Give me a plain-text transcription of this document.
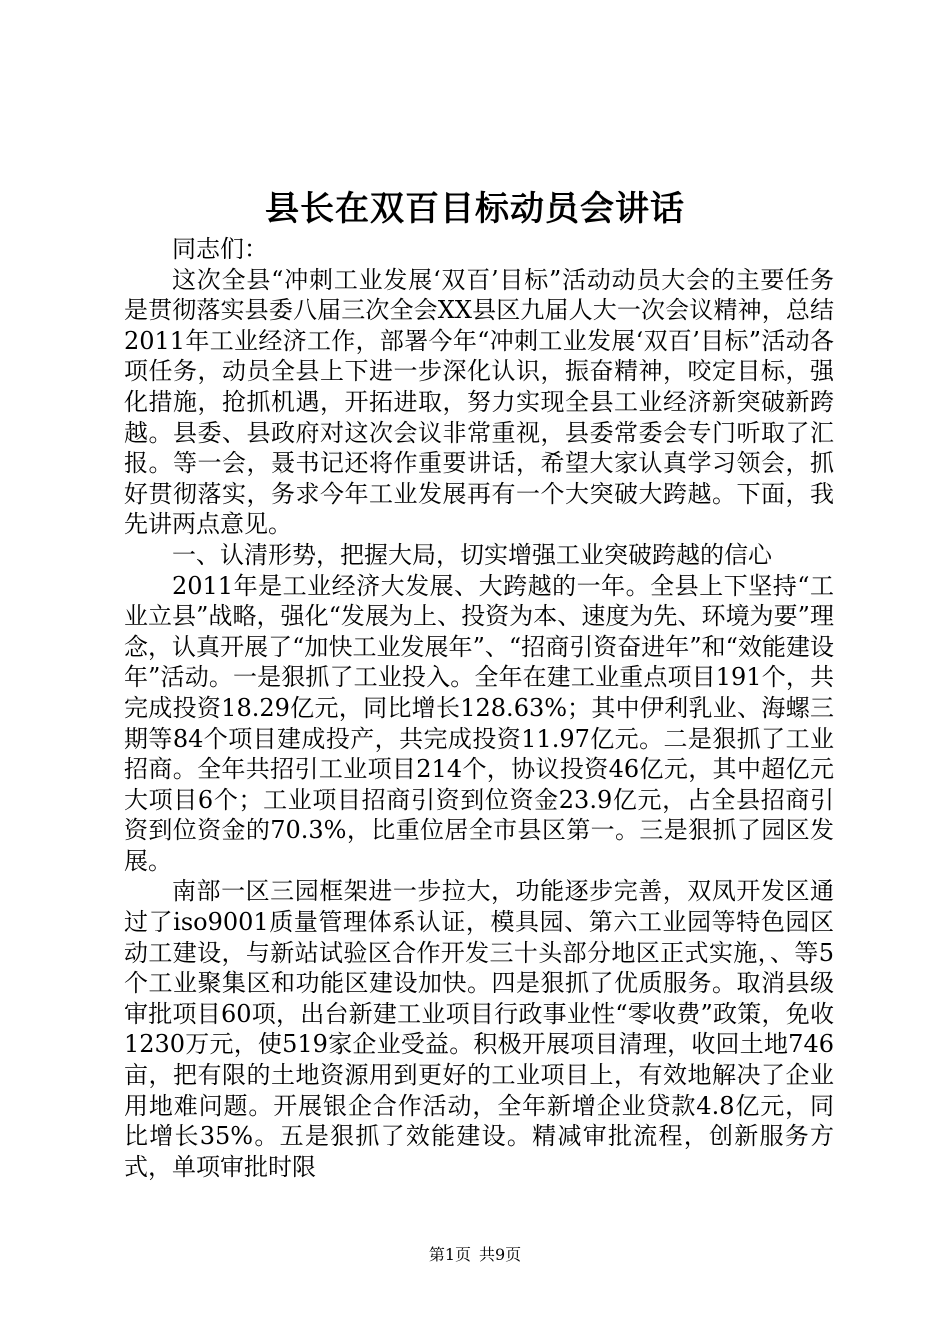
县长在双百目标动员会讲话

同志们：

这次全县“冲刺工业发展‘双百’目标”活动动员大会的主要任务是贯彻落实县委八届三次全会XX县区九届人大一次会议精神，总结2011年工业经济工作，部署今年“冲刺工业发展‘双百’目标”活动各项任务，动员全县上下进一步深化认识，振奋精神，咬定目标，强化措施，抢抓机遇，开拓进取，努力实现全县工业经济新突破新跨越。县委、县政府对这次会议非常重视，县委常委会专门听取了汇报。等一会，聂书记还将作重要讲话，希望大家认真学习领会，抓好贯彻落实，务求今年工业发展再有一个大突破大跨越。下面，我先讲两点意见。

一、认清形势，把握大局，切实增强工业突破跨越的信心

2011年是工业经济大发展、大跨越的一年。全县上下坚持“工业立县”战略，强化“发展为上、投资为本、速度为先、环境为要”理念，认真开展了“加快工业发展年”、“招商引资奋进年”和“效能建设年”活动。一是狠抓了工业投入。全年在建工业重点项目191个，共完成投资18.29亿元，同比增长128.63%；其中伊利乳业、海螺三期等84个项目建成投产，共完成投资11.97亿元。二是狠抓了工业招商。全年共招引工业项目214个，协议投资46亿元，其中超亿元大项目6个；工业项目招商引资到位资金23.9亿元，占全县招商引资到位资金的70.3%，比重位居全市县区第一。三是狠抓了园区发展。

南部一区三园框架进一步拉大，功能逐步完善，双凤开发区通过了iso9001质量管理体系认证，模具园、第六工业园等特色园区动工建设，与新站试验区合作开发三十头部分地区正式实施，、等5个工业聚集区和功能区建设加快。四是狠抓了优质服务。取消县级审批项目60项，出台新建工业项目行政事业性“零收费”政策，免收1230万元，使519家企业受益。积极开展项目清理，收回土地746亩，把有限的土地资源用到更好的工业项目上，有效地解决了企业用地难问题。开展银企合作活动，全年新增企业贷款4.8亿元，同比增长35%。五是狠抓了效能建设。精减审批流程，创新服务方式，单项审批时限

第1页 共9页
